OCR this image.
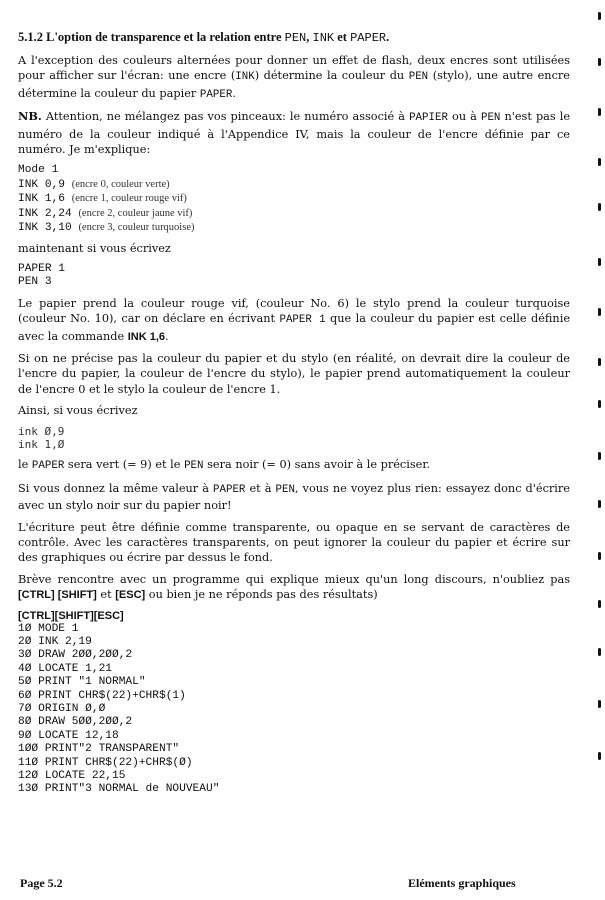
5.1.2 L'option de transparence et la relation entre PEN, INK et PAPER.

A l'exception des couleurs alternées pour donner un effet de flash, deux encres sont utilisées pour afficher sur l'écran: une encre (INK) détermine la couleur du PEN (stylo), une autre encre détermine la couleur du papier PAPER.

NB. Attention, ne mélangez pas vos pinceaux: le numéro associé à PAPIER ou à PEN n'est pas le numéro de la couleur indiqué à l'Appendice IV, mais la couleur de l'encre définie par ce numéro. Je m'explique:

Mode 1
INK 0,9 (encre 0, couleur verte)
INK 1,6 (encre 1, couleur rouge vif)
INK 2,24 (encre 2, couleur jaune vif)
INK 3,10 (encre 3, couleur turquoise)

maintenant si vous écrivez

PAPER 1
PEN 3

Le papier prend la couleur rouge vif, (couleur No. 6) le stylo prend la couleur turquoise (couleur No. 10), car on déclare en écrivant PAPER 1 que la couleur du papier est celle définie avec la commande INK 1,6.

Si on ne précise pas la couleur du papier et du stylo (en réalité, on devrait dire la couleur de l'encre du papier, la couleur de l'encre du stylo), le papier prend automatiquement la couleur de l'encre 0 et le stylo la couleur de l'encre 1.

Ainsi, si vous écrivez

ink Ø,9
ink 1,Ø

le PAPER sera vert (= 9) et le PEN sera noir (= 0) sans avoir à le préciser.

Si vous donnez la même valeur à PAPER et à PEN, vous ne voyez plus rien: essayez donc d'écrire avec un stylo noir sur du papier noir!

L'écriture peut être définie comme transparente, ou opaque en se servant de caractères de contrôle. Avec les caractères transparents, on peut ignorer la couleur du papier et écrire sur des graphiques ou écrire par dessus le fond.

Brève rencontre avec un programme qui explique mieux qu'un long discours, n'oubliez pas [CTRL] [SHIFT] et [ESC] ou bien je ne réponds pas des résultats)

[CTRL][SHIFT][ESC]
1Ø MODE 1
2Ø INK 2,19
3Ø DRAW 2ØØ,2ØØ,2
4Ø LOCATE 1,21
5Ø PRINT "1 NORMAL"
6Ø PRINT CHR$(22)+CHR$(1)
7Ø ORIGIN Ø,Ø
8Ø DRAW 5ØØ,2ØØ,2
9Ø LOCATE 12,18
1ØØ PRINT"2 TRANSPARENT"
11Ø PRINT CHR$(22)+CHR$(Ø)
12Ø LOCATE 22,15
13Ø PRINT"3 NORMAL de NOUVEAU"
Page 5.2	Eléments graphiques
